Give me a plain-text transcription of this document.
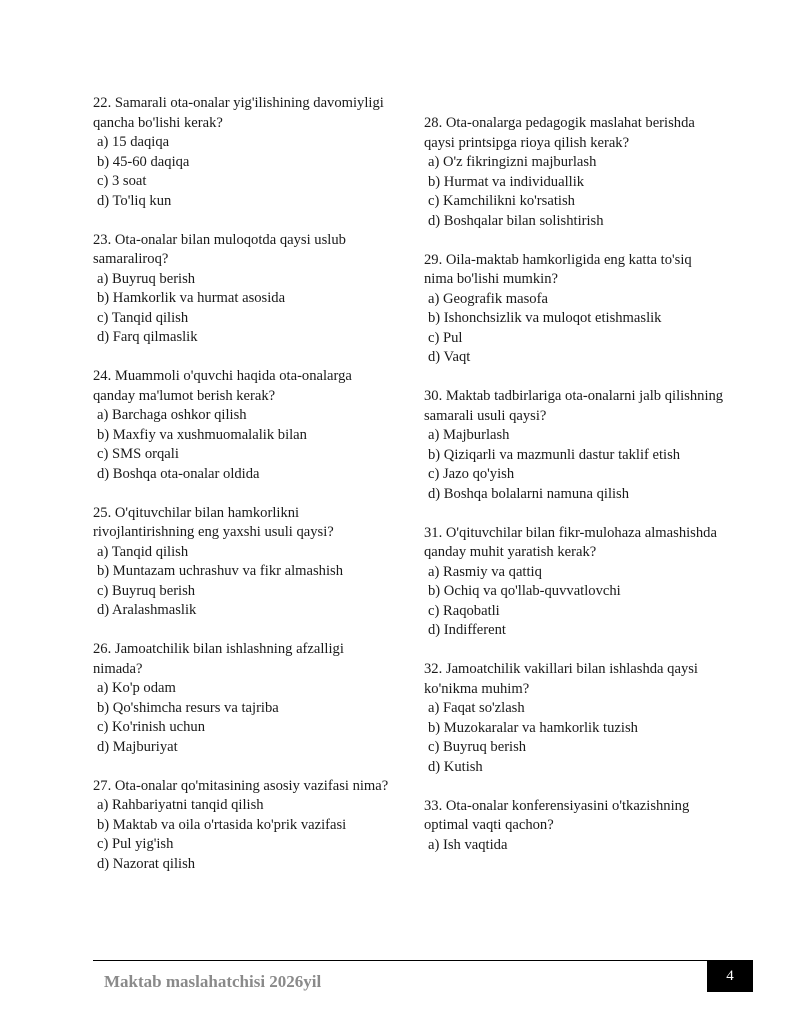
22. Samarali ota-onalar yig'ilishining davomiyligi qancha bo'lishi kerak?

a) 15 daqiqa
b) 45-60 daqiqa
c) 3 soat
d) To'liq kun

23. Ota-onalar bilan muloqotda qaysi uslub samaraliroq?

a) Buyruq berish
b) Hamkorlik va hurmat asosida
c) Tanqid qilish
d) Farq qilmaslik

24. Muammoli o'quvchi haqida ota-onalarga qanday ma'lumot berish kerak?

a) Barchaga oshkor qilish
b) Maxfiy va xushmuomalalik bilan
c) SMS orqali
d) Boshqa ota-onalar oldida

25. O'qituvchilar bilan hamkorlikni rivojlantirishning eng yaxshi usuli qaysi?

a) Tanqid qilish
b) Muntazam uchrashuv va fikr almashish
c) Buyruq berish
d) Aralashmaslik

26. Jamoatchilik bilan ishlashning afzalligi nimada?

a) Ko'p odam
b) Qo'shimcha resurs va tajriba
c) Ko'rinish uchun
d) Majburiyat

27. Ota-onalar qo'mitasining asosiy vazifasi nima?

a) Rahbariyatni tanqid qilish
b) Maktab va oila o'rtasida ko'prik vazifasi
c) Pul yig'ish
d) Nazorat qilish

28. Ota-onalarga pedagogik maslahat berishda qaysi printsipga rioya qilish kerak?

a) O'z fikringizni majburlash
b) Hurmat va individuallik
c) Kamchilikni ko'rsatish
d) Boshqalar bilan solishtirish

29. Oila-maktab hamkorligida eng katta to'siq nima bo'lishi mumkin?

a) Geografik masofa
b) Ishonchsizlik va muloqot etishmaslik
c) Pul
d) Vaqt

30. Maktab tadbirlariga ota-onalarni jalb qilishning samarali usuli qaysi?

a) Majburlash
b) Qiziqarli va mazmunli dastur taklif etish
c) Jazo qo'yish
d) Boshqa bolalarni namuna qilish

31. O'qituvchilar bilan fikr-mulohaza almashishda qanday muhit yaratish kerak?

a) Rasmiy va qattiq
b) Ochiq va qo'llab-quvvatlovchi
c) Raqobatli
d) Indifferent

32. Jamoatchilik vakillari bilan ishlashda qaysi ko'nikma muhim?

a) Faqat so'zlash
b) Muzokaralar va hamkorlik tuzish
c) Buyruq berish
d) Kutish

33. Ota-onalar konferensiyasini o'tkazishning optimal vaqti qachon?

a) Ish vaqtida
Maktab maslahatchisi 2026yil	4
